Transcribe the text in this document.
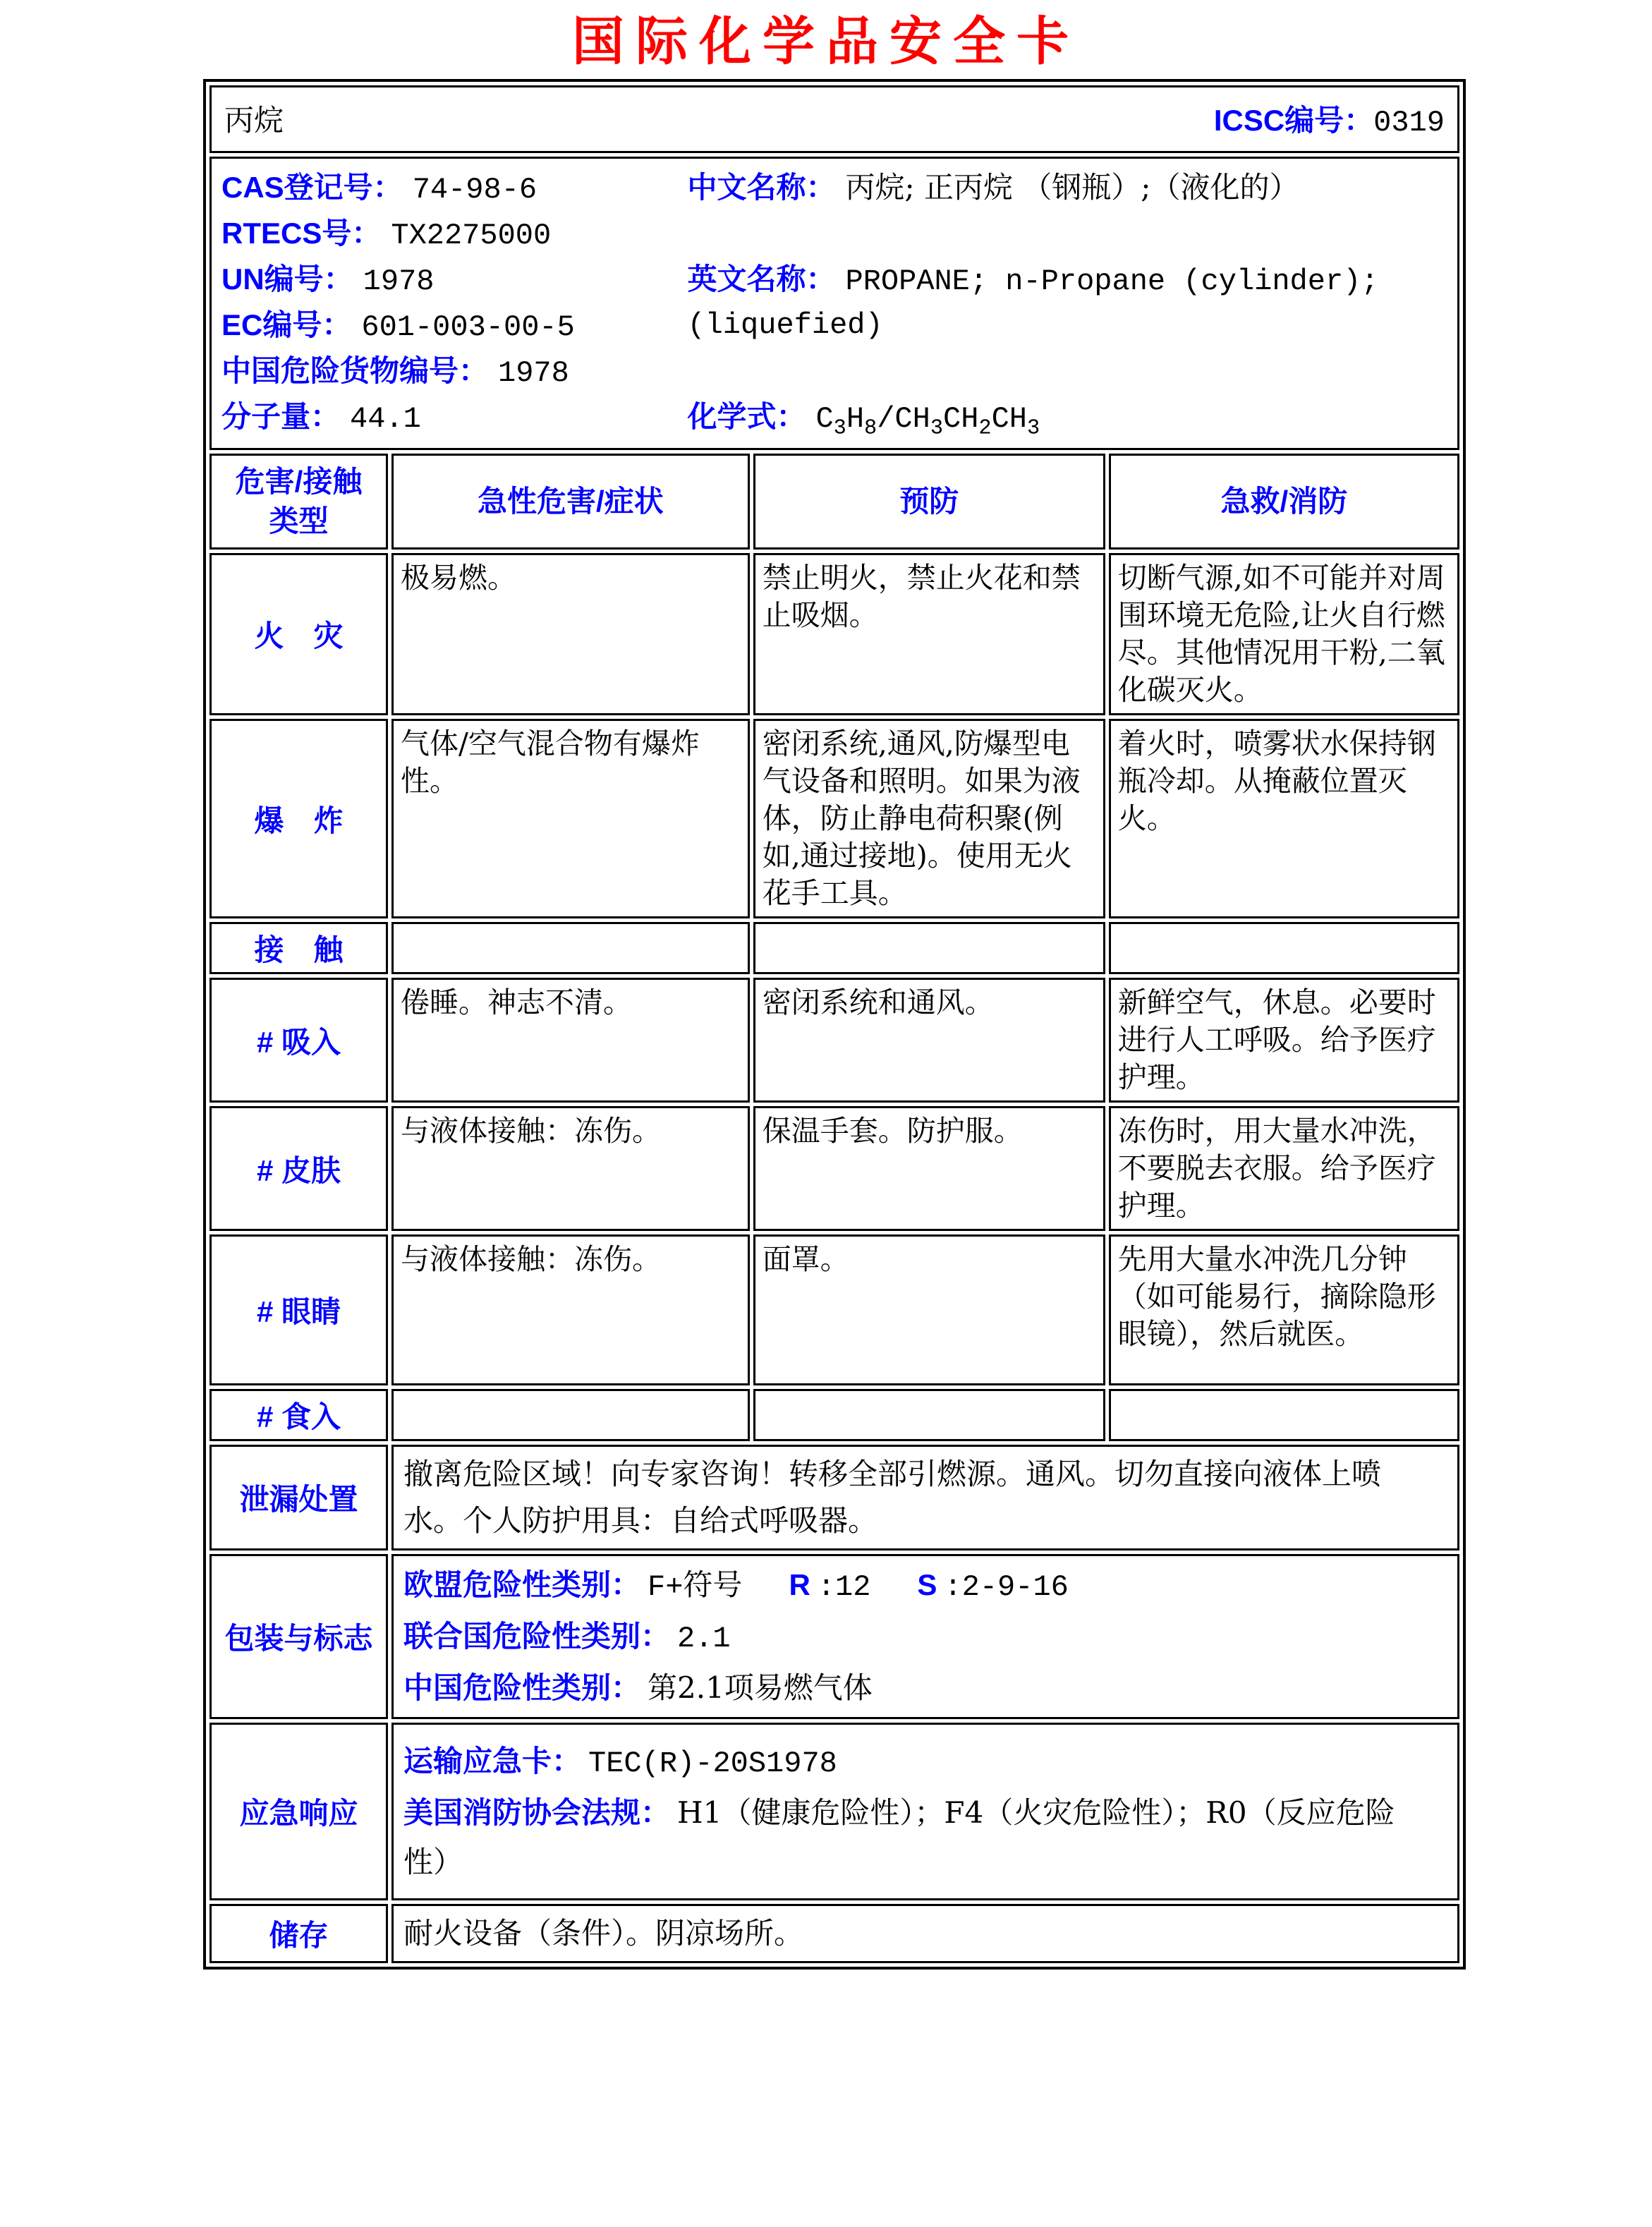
国际化学品安全卡
丙烷 ICSC编号：0319			

CAS登记号： 74-98-6
RTECS号： TX2275000
UN编号： 1978
EC编号： 601-003-00-5
中国危险货物编号： 1978
分子量： 44.1
中文名称： 丙烷; 正丙烷 （钢瓶）;（液化的）
英文名称： PROPANE; n-Propane (cylinder);
(liquefied)
化学式： $C_3H_8/CH_3CH_2CH_3$

危害/接触
类型	急性危害/症状	预防	急救/消防
火　灾	极易燃。	禁止明火，禁止火花和禁止吸烟。	切断气源,如不可能并对周围环境无危险,让火自行燃尽。其他情况用干粉,二氧化碳灭火。
爆　炸	气体/空气混合物有爆炸性。	密闭系统,通风,防爆型电气设备和照明。如果为液体，防止静电荷积聚(例如,通过接地)。使用无火花手工具。	着火时，喷雾状水保持钢瓶冷却。从掩蔽位置灭火。
接　触			
# 吸入	倦睡。神志不清。	密闭系统和通风。	新鲜空气，休息。必要时进行人工呼吸。给予医疗护理。
# 皮肤	与液体接触：冻伤。	保温手套。防护服。	冻伤时，用大量水冲洗，不要脱去衣服。给予医疗护理。
# 眼睛	与液体接触：冻伤。	面罩。	先用大量水冲洗几分钟 （如可能易行，摘除隐形眼镜），然后就医。
# 食入			
泄漏处置	撤离危险区域！向专家咨询！转移全部引燃源。通风。切勿直接向液体上喷水。个人防护用具：自给式呼吸器。		
包装与标志	欧盟危险性类别： F+符号 R :12 S :2-9-16
联合国危险性类别： 2.1
中国危险性类别： 第2.1项易燃气体		

应急响应	运输应急卡： TEC(R)-20S1978
美国消防协会法规： H1（健康危险性）；F4（火灾危险性）；R0（反应危险性）		

储存	耐火设备（条件）。阴凉场所。		
